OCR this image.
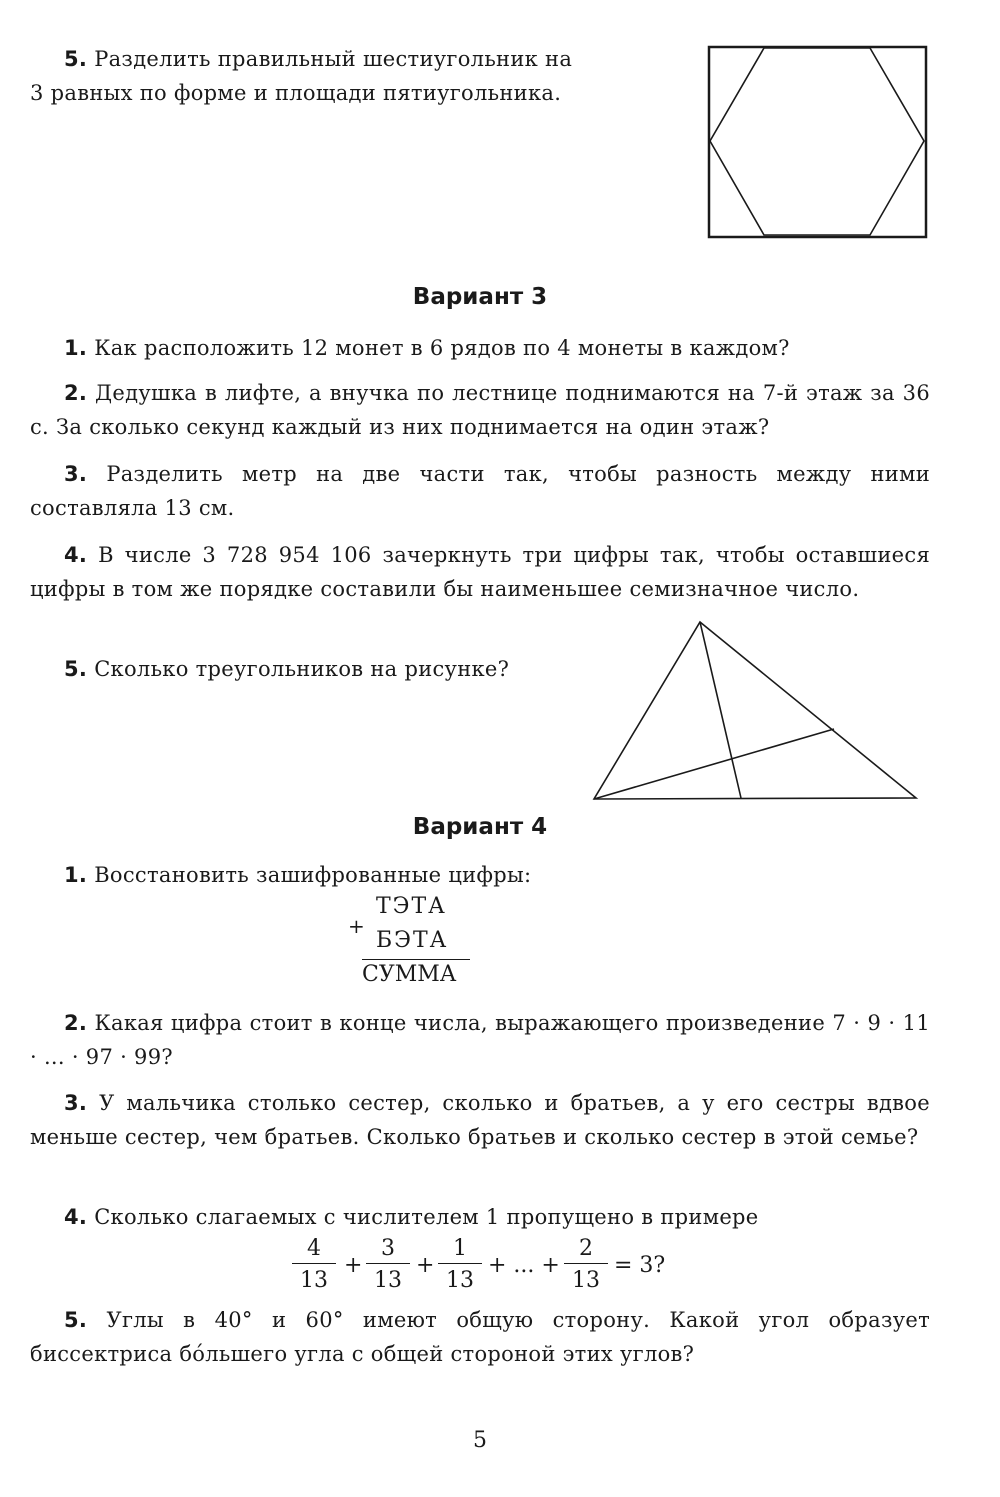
5. Разделить правильный шестиугольник на
3 равных по форме и площади пятиугольника.
Вариант 3
1. Как расположить 12 монет в 6 рядов по 4 монеты в каждом?
2. Дедушка в лифте, а внучка по лестнице поднимаются на 7-й этаж за 36 с. За сколько секунд каждый из них поднимается на один этаж?
3. Разделить метр на две части так, чтобы разность между ними составляла 13 см.
4. В числе 3 728 954 106 зачеркнуть три цифры так, чтобы оставшиеся цифры в том же порядке составили бы наименьшее семизначное число.
5. Сколько треугольников на рисунке?
Вариант 4
1. Восстановить зашифрованные цифры:
+
ТЭТА
БЭТА
СУММА
2. Какая цифра стоит в конце числа, выражающего произведение 7 · 9 · 11 · ... · 97 · 99?
3. У мальчика столько сестер, сколько и братьев, а у его сестры вдвое меньше сестер, чем братьев. Сколько братьев и сколько сестер в этой семье?
4. Сколько слагаемых с числителем 1 пропущено в примере
$\frac{4}{13} + \frac{3}{13} + \frac{1}{13}$ + ... + $\frac{2}{13} = 3$?
5. Углы в 40° и 60° имеют общую сторону. Какой угол образует биссектриса бо́льшего угла с общей стороной этих углов?
5
